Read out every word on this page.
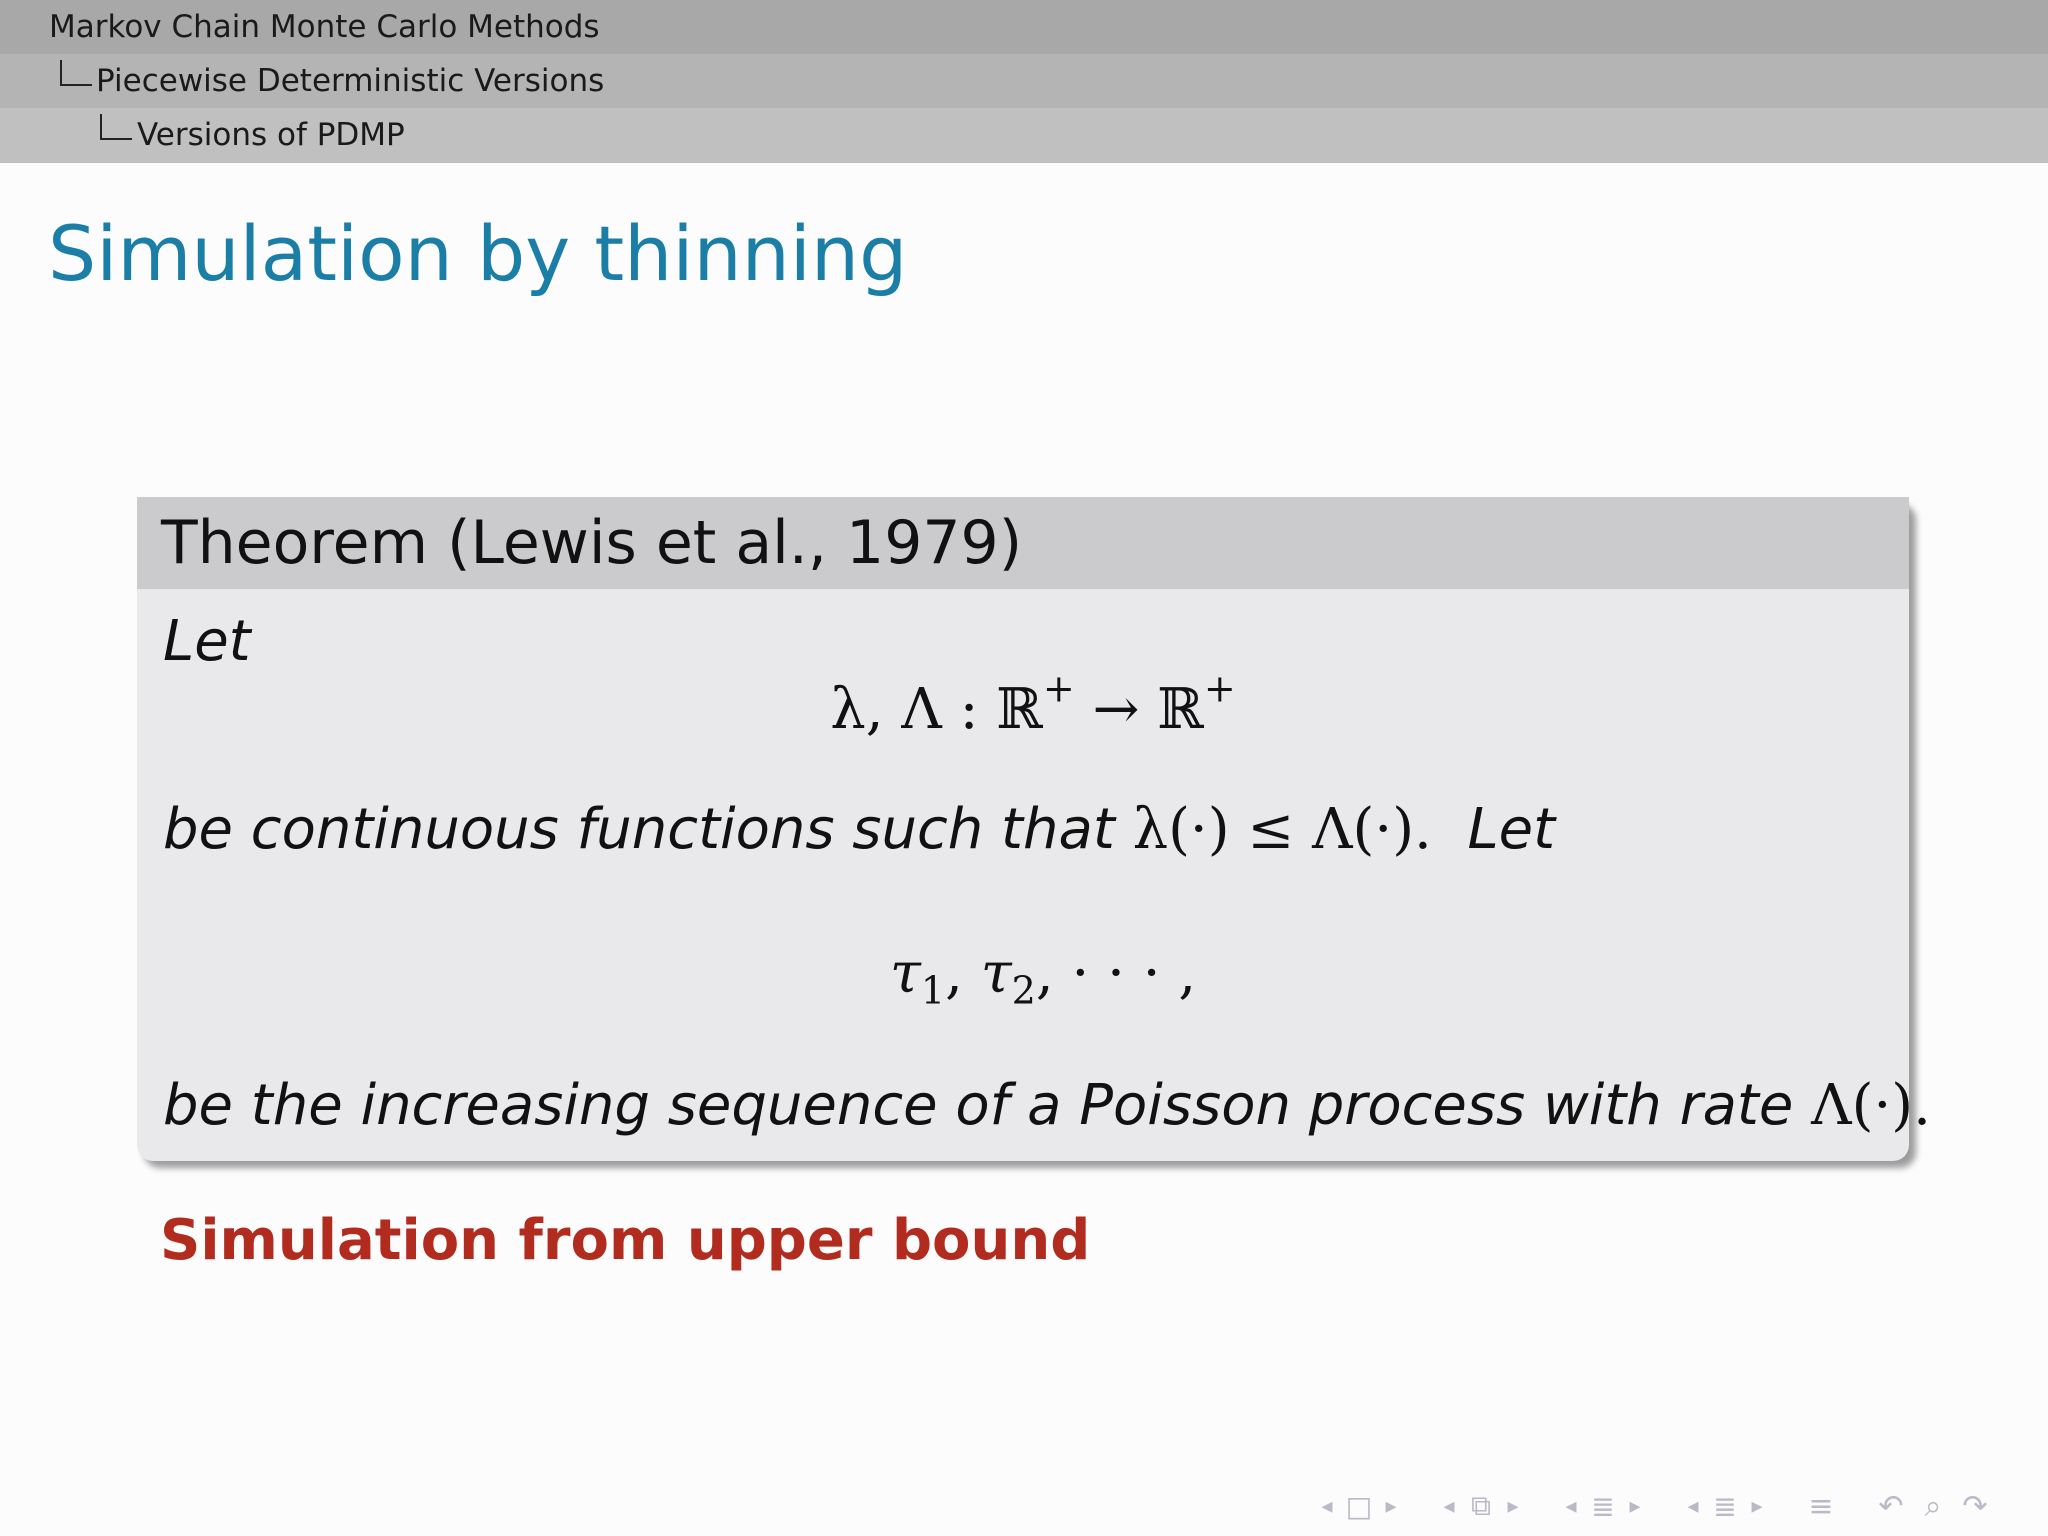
Markov Chain Monte Carlo Methods
Piecewise Deterministic Versions
Versions of PDMP
Simulation by thinning
Theorem (Lewis et al., 1979)
Let
λ, Λ : ℝ+ → ℝ+
be continuous functions such that λ(·) ≤ Λ(·). Let
$\tau_1$, $\tau_2$, · · · ,
be the increasing sequence of a Poisson process with rate Λ(·).
Simulation from upper bound
◂ □ ▸	◂ ⧉ ▸	◂ ≣ ▸	◂ ≣ ▸	≡ ↶ ⌕ ↷
